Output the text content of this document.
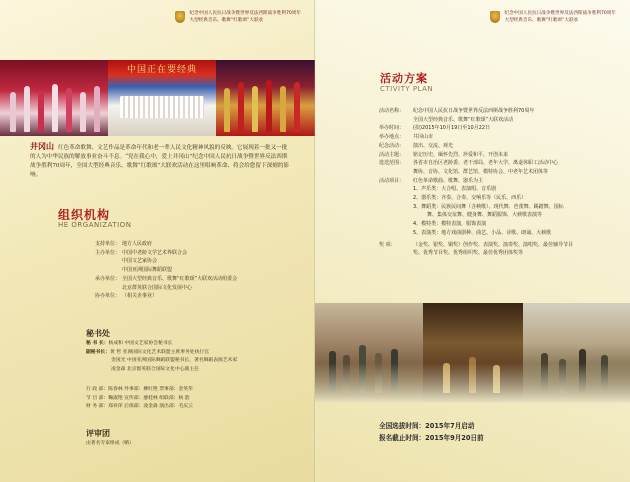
中国正在要经典
井冈山 红色革命歌舞、文艺作品是革命年代和老一辈人民文化精神风貌的反映。它展现着一批又一批的人为中华民族的解放事业奋斗不息。“党在我心中，爱上井冈山”纪念中国人民抗日战争暨世界反法西斯战争胜利70周年，全国大型经典音乐、歌舞“红歌颂”大联欢活动在这里唱响革命、将会给您留下深刻的影响。
组织机构
HE ORGANIZATION
支持单位： 地方人民政府
主办单位： 中国中老龄文学艺术界联合会
中国文艺家协会
中国亚洲国际舞蹈联盟
承办单位： 全国大型经典音乐、歌舞“红歌颂”大联欢活动组委会
北京群英联合国际文化发展中心
协办单位： （相关企事业）
秘书处
秘 书 长：杨成和 中国文艺家协会秘书长
副秘书长：黄 哲 亚洲国际文化艺术联盟主席事务处执行官
金国光 中国亚洲国际舞蹈联盟秘书长，著名舞蹈表演艺术家
凌金森 北京群英联合国际文化中心副主任
行 政 部：陈春林 外事部：柳红艳 票事部：金英华
节 目 部：鞠淑艳 宣传部：廖桂林 组联部：杨 韵
财 务 部：郑祥萍 后保部：凌金森 演出部：毛庆云
评审团
由著名专家组成（略）
纪念中国人民抗日战争暨世界反法西斯战争胜利70周年
大型经典音乐、歌舞“红歌颂”大联欢
纪念中国人民抗日战争暨世界反法西斯战争胜利70周年
大型经典音乐、歌舞“红歌颂”大联欢
活动方案
CTIVITY PLAN
活动名称：	纪念中国人民抗日战争暨世界反法西斯战争胜利70周年
全国大型经典音乐、歌舞“红歌颂”大联欢活动
举办时间：	(拟)2015年10月19日至10月22日
举办地点：	井冈山市
纪念活动：	演出、交流、观光
活动主题：	铭记历史、缅怀先烈、珍爱和平、开创未来
选送范围：	各省市自治区老龄委、老干部局、老年大学、离退休职工活动中心
舞协、音协、文化馆、群艺馆、模特协会、中老年艺术团体等
活动项目：	红色革命歌曲、歌舞、器乐为主
1、声乐类：大合唱、表演唱、音乐剧
2、器乐类：齐奏、合奏、交响乐等（民乐、西乐）
3、舞蹈类：民族民间舞（含秧歌）、现代舞、芭蕾舞、踢踏舞、国标
舞、集体交谊舞、健身舞、舞蹈服饰、大秧歌表演等
4、模特类：模特表演，服饰表演
5、表演类：地方戏曲剧种、曲艺、小品、诗歌、朗诵、大秧歌
奖 项：	（金奖、银奖、铜奖）创作奖、表演奖、演奏奖、演唱奖、最佳辅导节目
奖、优秀节目奖、优秀组织奖、最佳优秀团体奖等
全国选拔时间：2015年7月启动
报名截止时间：2015年9月20日前
